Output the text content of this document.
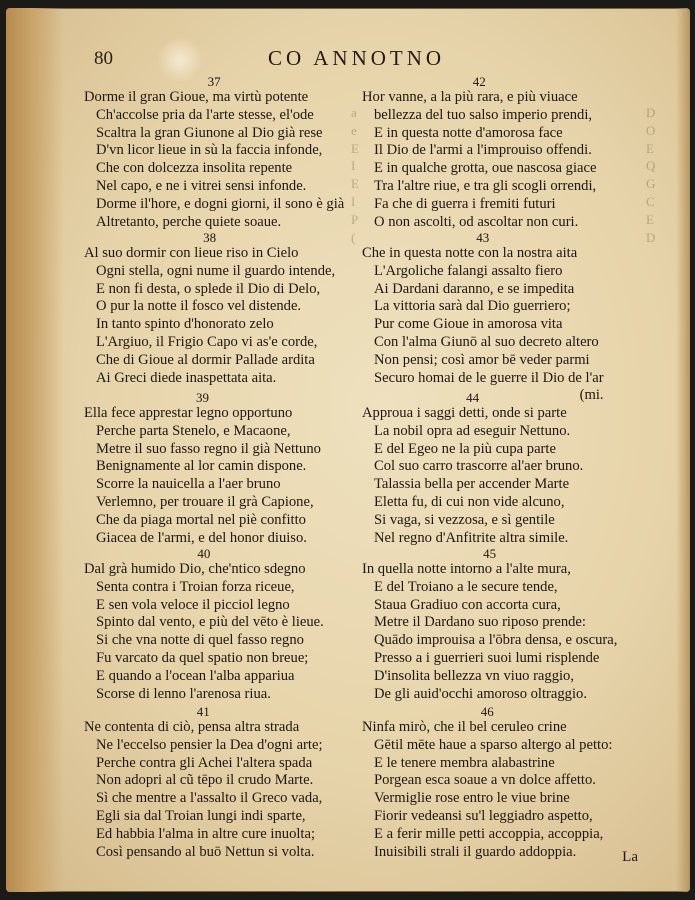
a
e
E
I
E
I
P
(
D
O
E
Q
G
C
E
D
80	CO ANNOTNO
37
Dorme il gran Gioue, ma virtù potente
Ch'accolse pria da l'arte stesse, el'ode
Scaltra la gran Giunone al Dio già rese
D'vn licor lieue in sù la faccia infonde,
Che con dolcezza insolita repente
Nel capo, e ne i vitrei sensi infonde.
Dorme il'hore, e dogni giorni, il sono è già
Altretanto, perche quiete soaue.
38
Al suo dormir con lieue riso in Cielo
Ogni stella, ogni nume il guardo intende,
E non fi desta, o splede il Dio di Delo,
O pur la notte il fosco vel distende.
In tanto spinto d'honorato zelo
L'Argiuo, il Frigio Capo vi as'e corde,
Che di Gioue al dormir Pallade ardita
Ai Greci diede inaspettata aita.
39
Ella fece apprestar legno opportuno
Perche parta Stenelo, e Macaone,
Metre il suo fasso regno il già Nettuno
Benignamente al lor camin dispone.
Scorre la nauicella a l'aer bruno
Verlemno, per trouare il grà Capione,
Che da piaga mortal nel piè confitto
Giacea de l'armi, e del honor diuiso.
40
Dal grà humido Dio, che'ntico sdegno
Senta contra i Troian forza riceue,
E sen vola veloce il picciol legno
Spinto dal vento, e più del vēto è lieue.
Si che vna notte di quel fasso regno
Fu varcato da quel spatio non breue;
E quando a l'ocean l'alba appariua
Scorse di lenno l'arenosa riua.
41
Ne contenta di ciò, pensa altra strada
Ne l'eccelso pensier la Dea d'ogni arte;
Perche contra gli Achei l'altera spada
Non adopri al cũ tēpo il crudo Marte.
Sì che mentre a l'assalto il Greco vada,
Egli sia dal Troian lungi indi sparte,
Ed habbia l'alma in altre cure inuolta;
Così pensando al buō Nettun si volta.
42
Hor vanne, a la più rara, e più viuace
bellezza del tuo salso imperio prendi,
E in questa notte d'amorosa face
Il Dio de l'armi a l'improuiso offendi.
E in qualche grotta, oue nascosa giace
Tra l'altre riue, e tra gli scogli orrendi,
Fa che di guerra i fremiti futuri
O non ascolti, od ascoltar non curi.
43
Che in questa notte con la nostra aita
L'Argoliche falangi assalto fiero
Ai Dardani daranno, e se impedita
La vittoria sarà dal Dio guerriero;
Pur come Gioue in amorosa vita
Con l'alma Giunō al suo decreto altero
Non pensi; così amor bē veder parmi
Securo homai de le guerre il Dio de l'ar
(mi.
44
Approua i saggi detti, onde si parte
La nobil opra ad eseguir Nettuno.
E del Egeo ne la più cupa parte
Col suo carro trascorre al'aer bruno.
Talassia bella per accender Marte
Eletta fu, di cui non vide alcuno,
Si vaga, si vezzosa, e sì gentile
Nel regno d'Anfitrite altra simile.
45
In quella notte intorno a l'alte mura,
E del Troiano a le secure tende,
Staua Gradiuo con accorta cura,
Metre il Dardano suo riposo prende:
Quādo improuisa a l'ōbra densa, e oscura,
Presso a i guerrieri suoi lumi risplende
D'insolita bellezza vn viuo raggio,
De gli auid'occhi amoroso oltraggio.
46
Ninfa mirò, che il bel ceruleo crine
Gētil mēte haue a sparso altergo al petto:
E le tenere membra alabastrine
Porgean esca soaue a vn dolce affetto.
Vermiglie rose entro le viue brine
Fiorir vedeansi su'l leggiadro aspetto,
E a ferir mille petti accoppia, accoppia,
Inuisibili strali il guardo addoppia.	La
